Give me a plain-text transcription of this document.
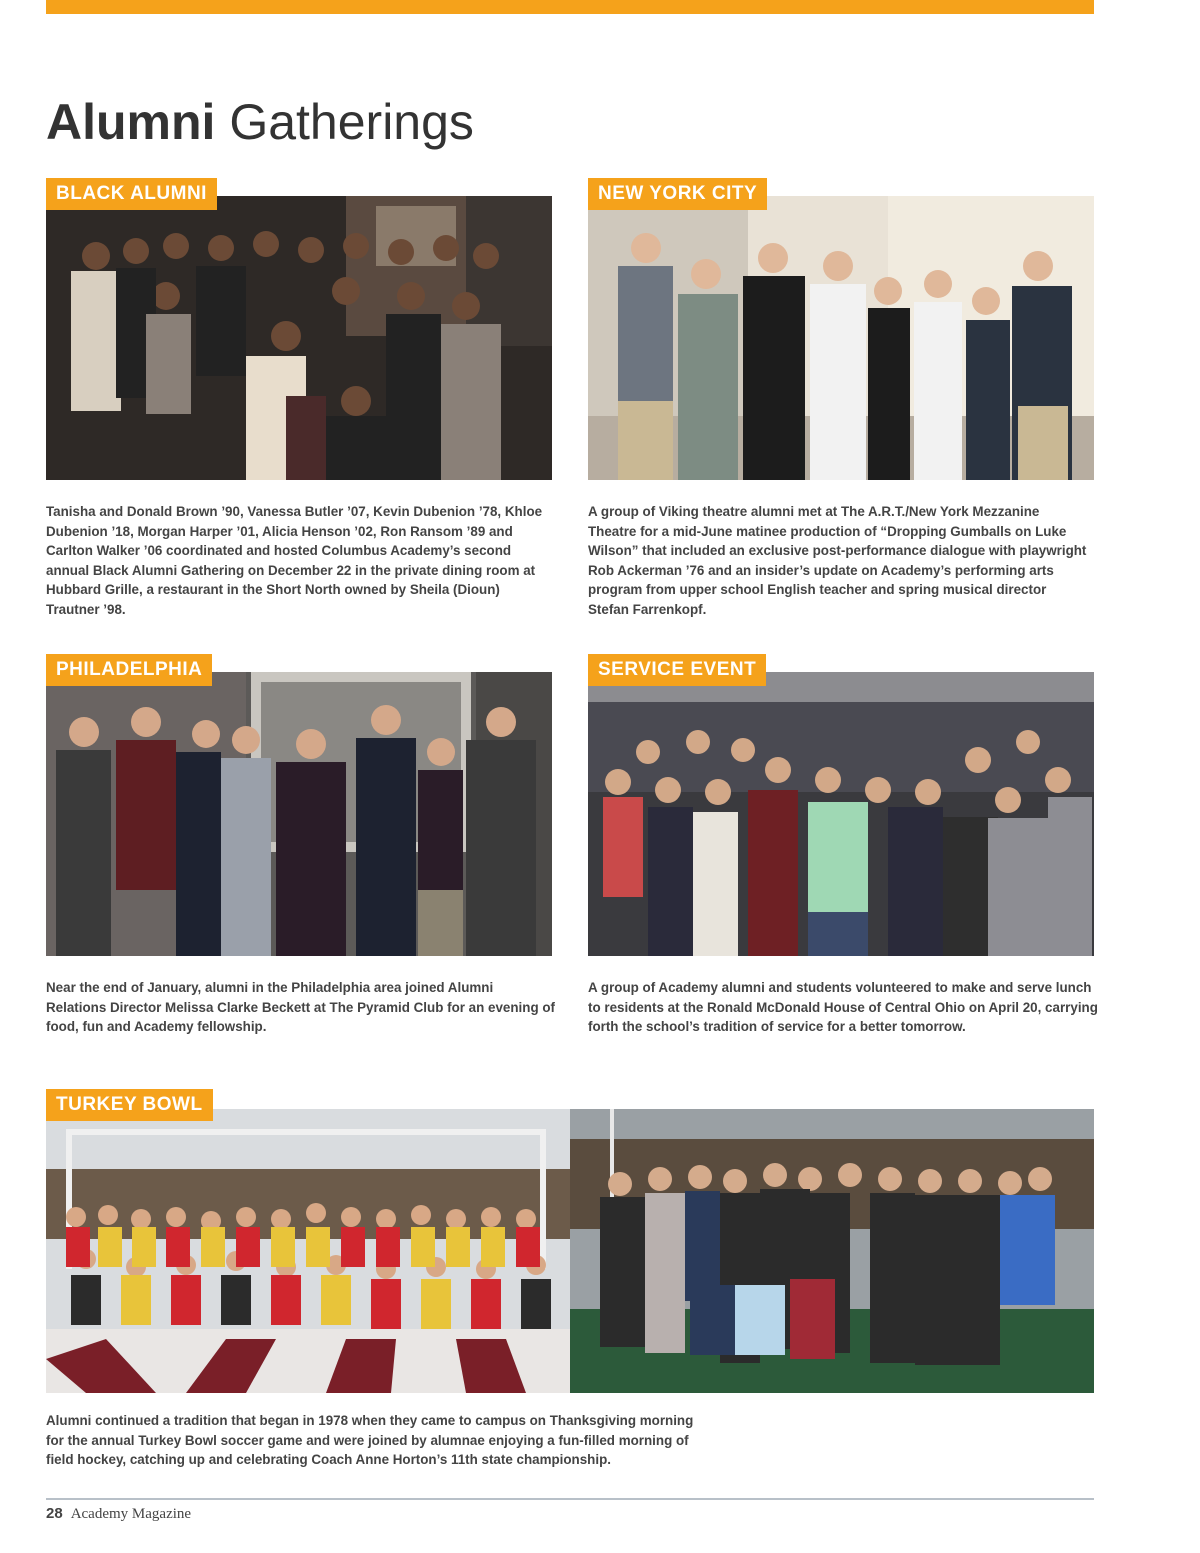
Alumni Gatherings
BLACK ALUMNI

Tanisha and Donald Brown ’90, Vanessa Butler ’07, Kevin Dubenion ’78, Khloe Dubenion ’18, Morgan Harper ’01, Alicia Henson ’02, Ron Ransom ’89 and Carlton Walker ’06 coordinated and hosted Columbus Academy’s second annual Black Alumni Gathering on December 22 in the private dining room at Hubbard Grille, a restaurant in the Short North owned by Sheila (Dioun) Trautner ’98.

NEW YORK CITY

A group of Viking theatre alumni met at The A.R.T./New York Mezzanine Theatre for a mid-June matinee production of “Dropping Gumballs on Luke Wilson” that included an exclusive post-performance dialogue with playwright Rob Ackerman ’76 and an insider’s update on Academy’s performing arts program from upper school English teacher and spring musical director Stefan Farrenkopf.

PHILADELPHIA

Near the end of January, alumni in the Philadelphia area joined Alumni Relations Director Melissa Clarke Beckett at The Pyramid Club for an evening of food, fun and Academy fellowship.

SERVICE EVENT

A group of Academy alumni and students volunteered to make and serve lunch to residents at the Ronald McDonald House of Central Ohio on April 20, carrying forth the school’s tradition of service for a better tomorrow.

TURKEY BOWL

Alumni continued a tradition that began in 1978 when they came to campus on Thanksgiving morning for the annual Turkey Bowl soccer game and were joined by alumnae enjoying a fun-filled morning of field hockey, catching up and celebrating Coach Anne Horton’s 11th state championship.

28 Academy Magazine
